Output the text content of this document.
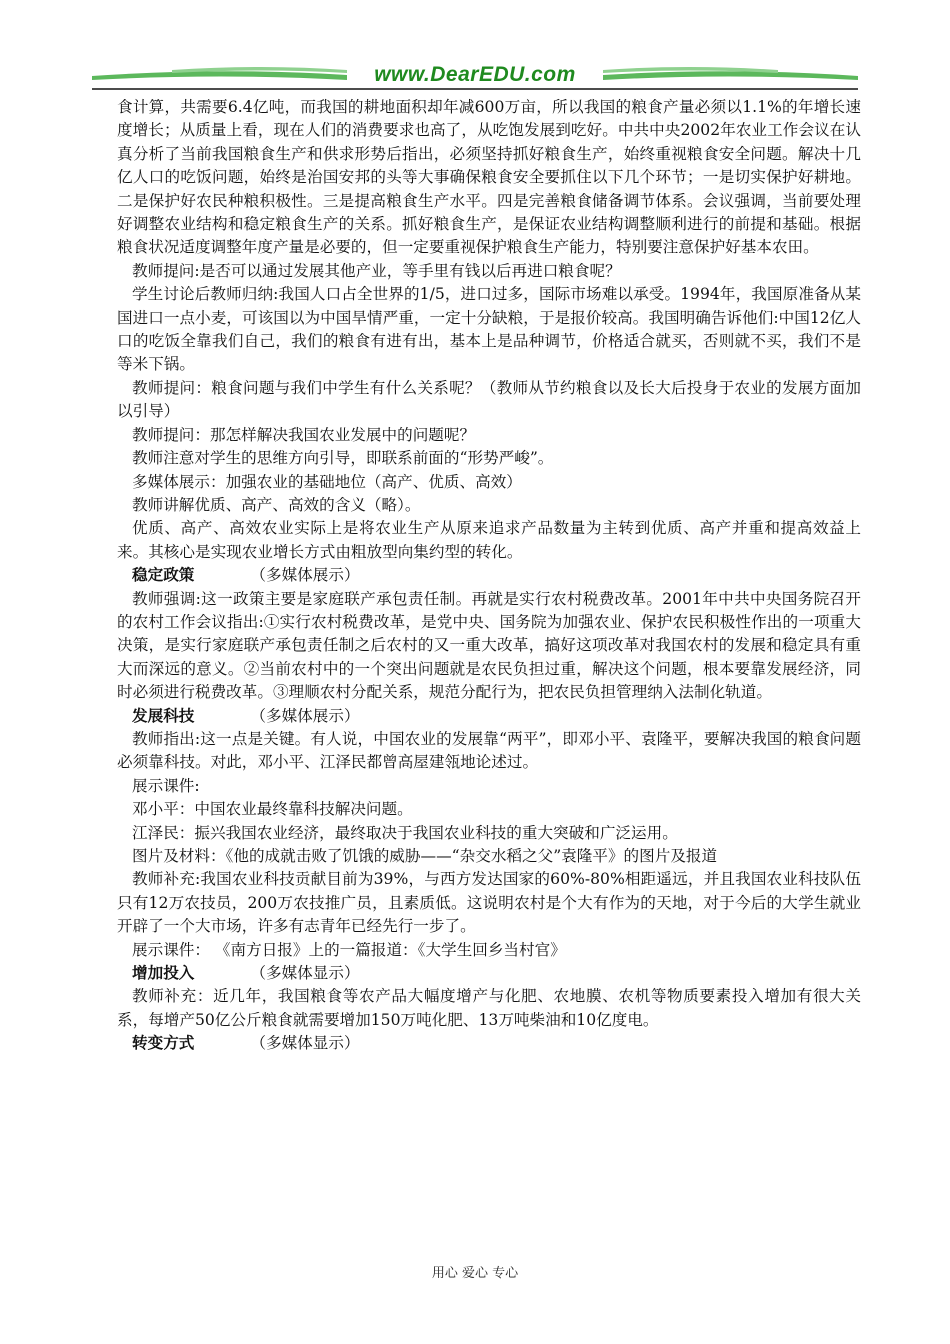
www.DearEDU.com

食计算，共需要6.4亿吨，而我国的耕地面积却年减600万亩，所以我国的粮食产量必须以1.1%的年增长速度增长；从质量上看，现在人们的消费要求也高了，从吃饱发展到吃好。中共中央2002年农业工作会议在认真分析了当前我国粮食生产和供求形势后指出，必须坚持抓好粮食生产，始终重视粮食安全问题。解决十几亿人口的吃饭问题，始终是治国安邦的头等大事确保粮食安全要抓住以下几个环节；一是切实保护好耕地。二是保护好农民种粮积极性。三是提高粮食生产水平。四是完善粮食储备调节体系。会议强调，当前要处理好调整农业结构和稳定粮食生产的关系。抓好粮食生产，是保证农业结构调整顺利进行的前提和基础。根据粮食状况适度调整年度产量是必要的，但一定要重视保护粮食生产能力，特别要注意保护好基本农田。

教师提问:是否可以通过发展其他产业，等手里有钱以后再进口粮食呢？

学生讨论后教师归纳:我国人口占全世界的1/5，进口过多，国际市场难以承受。1994年，我国原准备从某国进口一点小麦，可该国以为中国旱情严重，一定十分缺粮，于是报价较高。我国明确告诉他们:中国12亿人口的吃饭全靠我们自己，我们的粮食有进有出，基本上是品种调节，价格适合就买，否则就不买，我们不是等米下锅。

教师提问：粮食问题与我们中学生有什么关系呢？（教师从节约粮食以及长大后投身于农业的发展方面加以引导）

教师提问：那怎样解决我国农业发展中的问题呢？

教师注意对学生的思维方向引导，即联系前面的“形势严峻”。

多媒体展示：加强农业的基础地位（高产、优质、高效）

教师讲解优质、高产、高效的含义（略）。

优质、高产、高效农业实际上是将农业生产从原来追求产品数量为主转到优质、高产并重和提高效益上来。其核心是实现农业增长方式由粗放型向集约型的转化。

稳定政策	（多媒体展示）

教师强调:这一政策主要是家庭联产承包责任制。再就是实行农村税费改革。2001年中共中央国务院召开的农村工作会议指出:①实行农村税费改革，是党中央、国务院为加强农业、保护农民积极性作出的一项重大决策，是实行家庭联产承包责任制之后农村的又一重大改革，搞好这项改革对我国农村的发展和稳定具有重大而深远的意义。②当前农村中的一个突出问题就是农民负担过重，解决这个问题，根本要靠发展经济，同时必须进行税费改革。③理顺农村分配关系，规范分配行为，把农民负担管理纳入法制化轨道。

发展科技	（多媒体展示）

教师指出:这一点是关键。有人说，中国农业的发展靠“两平”，即邓小平、袁隆平，要解决我国的粮食问题必须靠科技。对此，邓小平、江泽民都曾高屋建瓴地论述过。

展示课件:

邓小平：中国农业最终靠科技解决问题。

江泽民：振兴我国农业经济，最终取决于我国农业科技的重大突破和广泛运用。

图片及材料：《他的成就击败了饥饿的威胁——“杂交水稻之父”袁隆平》的图片及报道

教师补充:我国农业科技贡献目前为39%，与西方发达国家的60%-80%相距遥远，并且我国农业科技队伍只有12万农技员，200万农技推广员，且素质低。这说明农村是个大有作为的天地，对于今后的大学生就业开辟了一个大市场，许多有志青年已经先行一步了。

展示课件： 《南方日报》上的一篇报道：《大学生回乡当村官》

增加投入	（多媒体显示）

教师补充：近几年，我国粮食等农产品大幅度增产与化肥、农地膜、农机等物质要素投入增加有很大关系，每增产50亿公斤粮食就需要增加150万吨化肥、13万吨柴油和10亿度电。

转变方式	（多媒体显示）

用心 爱心 专心
